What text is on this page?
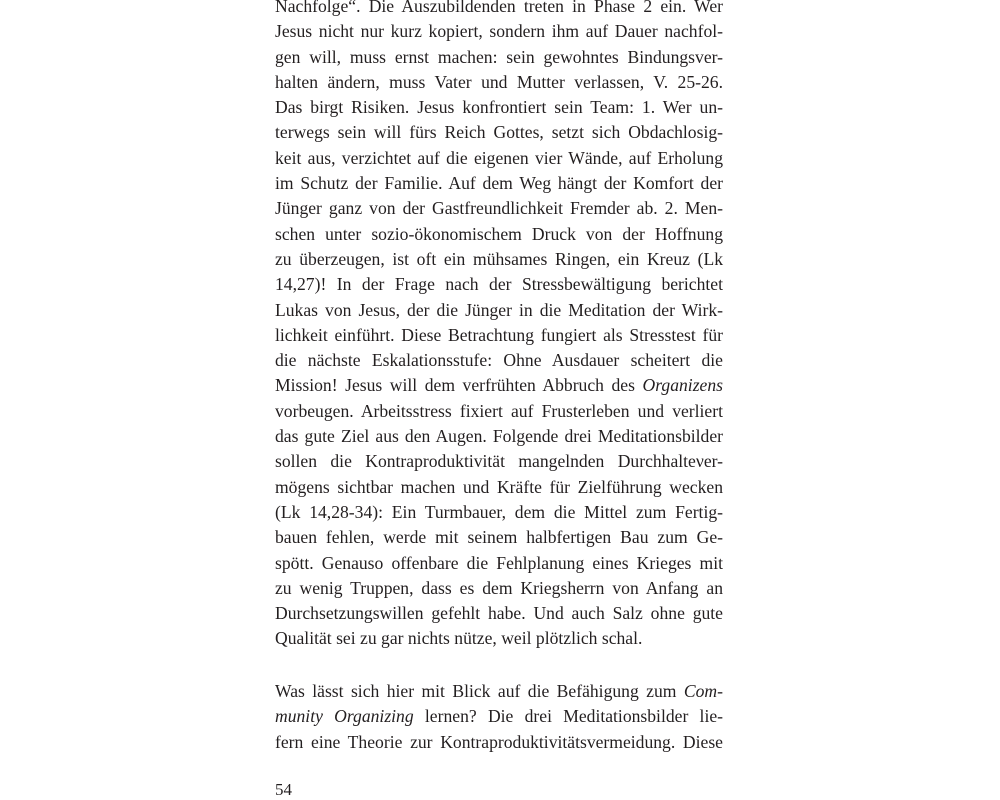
Nachfolge“. Die Auszubildenden treten in Phase 2 ein. Wer
Jesus nicht nur kurz kopiert, sondern ihm auf Dauer nachfol-
gen will, muss ernst machen: sein gewohntes Bindungsver-
halten ändern, muss Vater und Mutter verlassen, V. 25-26.
Das birgt Risiken. Jesus konfrontiert sein Team: 1. Wer un-
terwegs sein will fürs Reich Gottes, setzt sich Obdachlosig-
keit aus, verzichtet auf die eigenen vier Wände, auf Erholung
im Schutz der Familie. Auf dem Weg hängt der Komfort der
Jünger ganz von der Gastfreundlichkeit Fremder ab. 2. Men-
schen unter sozio-ökonomischem Druck von der Hoffnung
zu überzeugen, ist oft ein mühsames Ringen, ein Kreuz (Lk
14,27)! In der Frage nach der Stressbewältigung berichtet
Lukas von Jesus, der die Jünger in die Meditation der Wirk-
lichkeit einführt. Diese Betrachtung fungiert als Stresstest für
die nächste Eskalationsstufe: Ohne Ausdauer scheitert die
Mission! Jesus will dem verfrühten Abbruch des Organizens
vorbeugen. Arbeitsstress fixiert auf Frusterleben und verliert
das gute Ziel aus den Augen. Folgende drei Meditationsbilder
sollen die Kontraproduktivität mangelnden Durchhalteνer-
mögens sichtbar machen und Kräfte für Zielführung wecken
(Lk 14,28-34): Ein Turmbauer, dem die Mittel zum Fertig-
bauen fehlen, werde mit seinem halbfertigen Bau zum Ge-
spött. Genauso offenbare die Fehlplanung eines Krieges mit
zu wenig Truppen, dass es dem Kriegsherrn von Anfang an
Durchsetzungswillen gefehlt habe. Und auch Salz ohne gute
Qualität sei zu gar nichts nütze, weil plötzlich schal.
Was lässt sich hier mit Blick auf die Befähigung zum Com-
munity Organizing lernen? Die drei Meditationsbilder lie-
fern eine Theorie zur Kontraproduktivitätsvermeidung. Diese
54
